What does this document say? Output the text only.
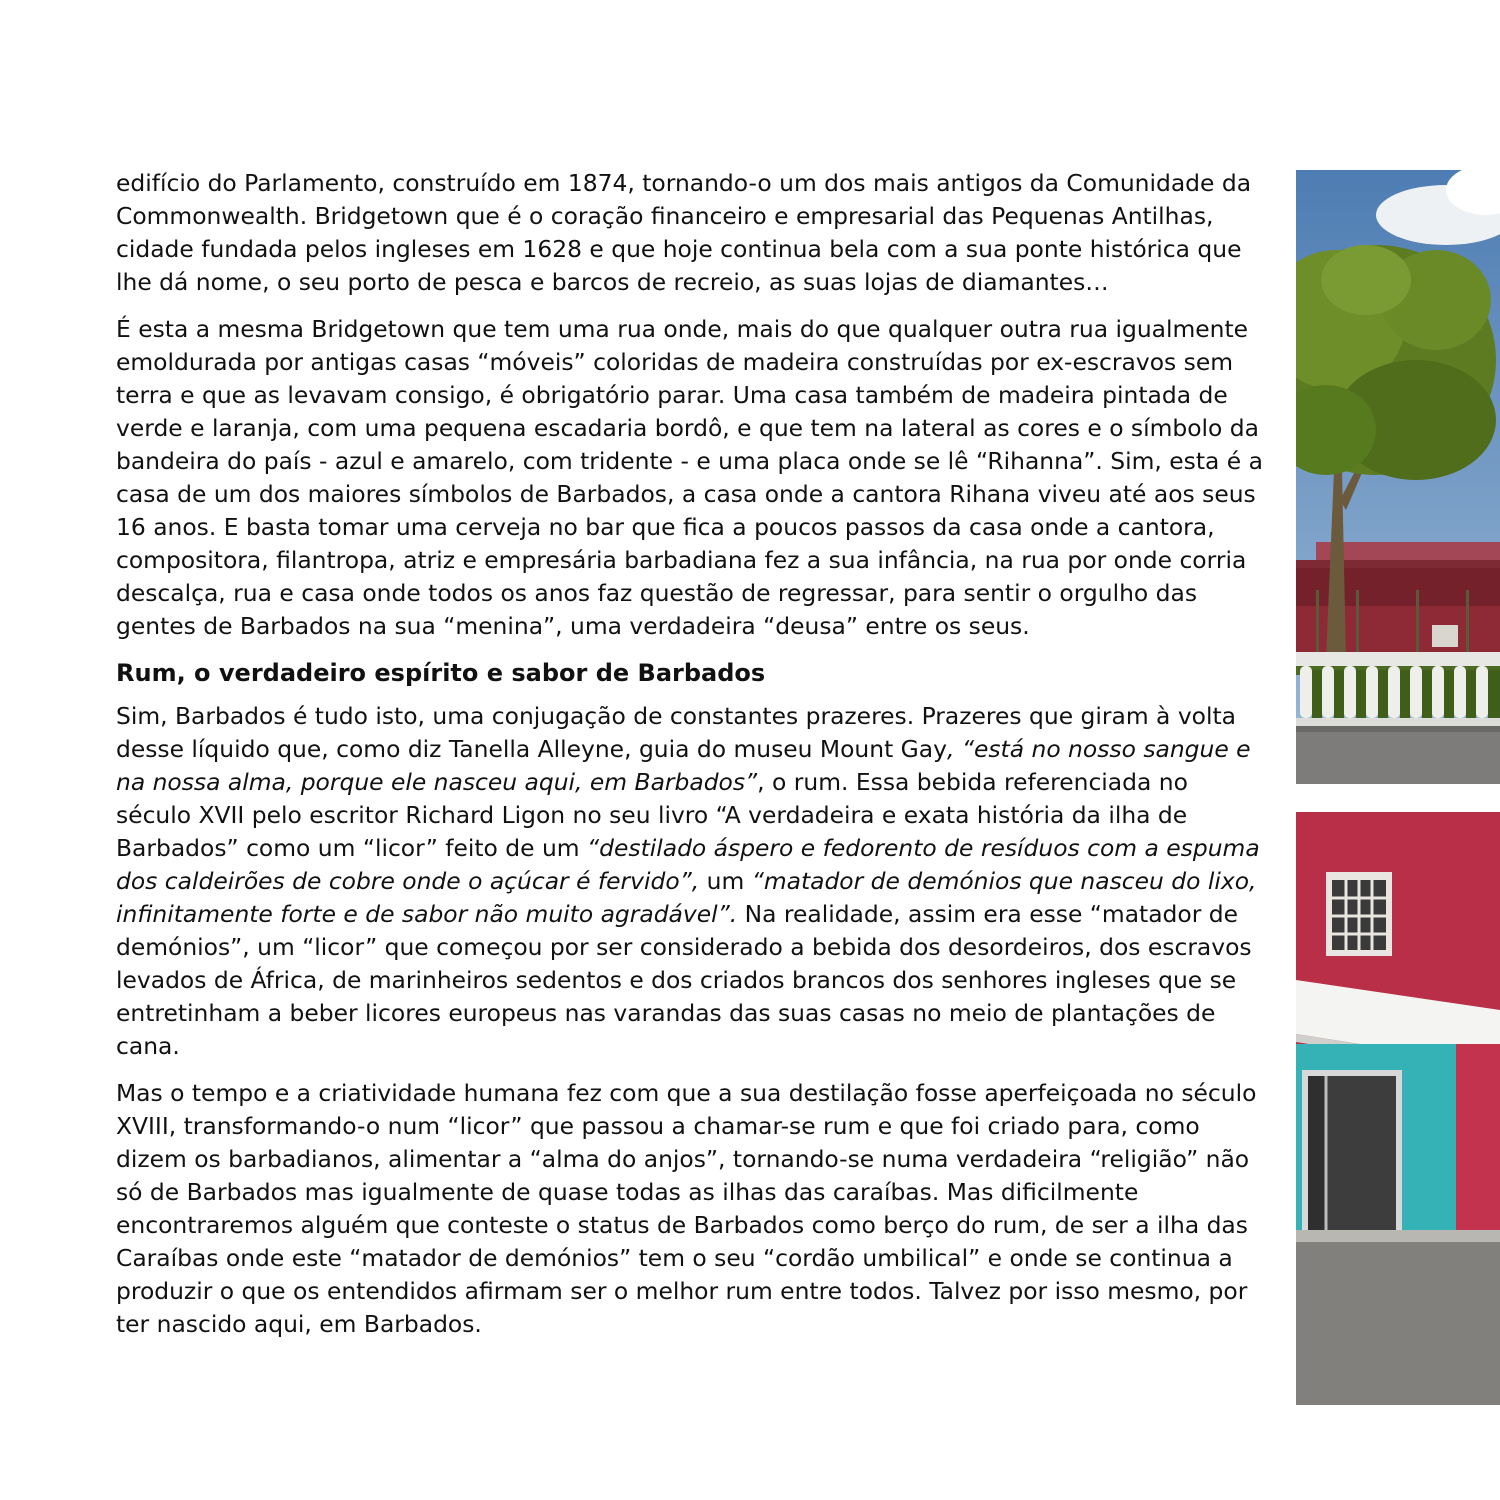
edifício do Parlamento, construído em 1874, tornando-o um dos mais antigos da Comunidade da Commonwealth. Bridgetown que é o coração financeiro e empresarial das Pequenas Antilhas, cidade fundada pelos ingleses em 1628 e que hoje continua bela com a sua ponte histórica que lhe dá nome, o seu porto de pesca e barcos de recreio, as suas lojas de diamantes…

É esta a mesma Bridgetown que tem uma rua onde, mais do que qualquer outra rua igualmente emoldurada por antigas casas “móveis” coloridas de madeira construídas por ex-escravos sem terra e que as levavam consigo, é obrigatório parar. Uma casa também de madeira pintada de verde e laranja, com uma pequena escadaria bordô, e que tem na lateral as cores e o símbolo da bandeira do país - azul e amarelo, com tridente - e uma placa onde se lê “Rihanna”. Sim, esta é a casa de um dos maiores símbolos de Barbados, a casa onde a cantora Rihana viveu até aos seus 16 anos. E basta tomar uma cerveja no bar que fica a poucos passos da casa onde a cantora, compositora, filantropa, atriz e empresária barbadiana fez a sua infância, na rua por onde corria descalça, rua e casa onde todos os anos faz questão de regressar, para sentir o orgulho das gentes de Barbados na sua “menina”, uma verdadeira “deusa” entre os seus.

Rum, o verdadeiro espírito e sabor de Barbados

Sim, Barbados é tudo isto, uma conjugação de constantes prazeres. Prazeres que giram à volta desse líquido que, como diz Tanella Alleyne, guia do museu Mount Gay, “está no nosso sangue e na nossa alma, porque ele nasceu aqui, em Barbados”, o rum. Essa bebida referenciada no século XVII pelo escritor Richard Ligon no seu livro “A verdadeira e exata história da ilha de Barbados” como um “licor” feito de um “destilado áspero e fedorento de resíduos com a espuma dos caldeirões de cobre onde o açúcar é fervido”, um “matador de demónios que nasceu do lixo, infinitamente forte e de sabor não muito agradável”. Na realidade, assim era esse “matador de demónios”, um “licor” que começou por ser considerado a bebida dos desordeiros, dos escravos levados de África, de marinheiros sedentos e dos criados brancos dos senhores ingleses que se entretinham a beber licores europeus nas varandas das suas casas no meio de plantações de cana.

Mas o tempo e a criatividade humana fez com que a sua destilação fosse aperfeiçoada no século XVIII, transformando-o num “licor” que passou a chamar-se rum e que foi criado para, como dizem os barbadianos, alimentar a “alma do anjos”, tornando-se numa verdadeira “religião” não só de Barbados mas igualmente de quase todas as ilhas das caraíbas. Mas dificilmente encontraremos alguém que conteste o status de Barbados como berço do rum, de ser a ilha das Caraíbas onde este “matador de demónios” tem o seu “cordão umbilical” e onde se continua a produzir o que os entendidos afirmam ser o melhor rum entre todos. Talvez por isso mesmo, por ter nascido aqui, em Barbados.
